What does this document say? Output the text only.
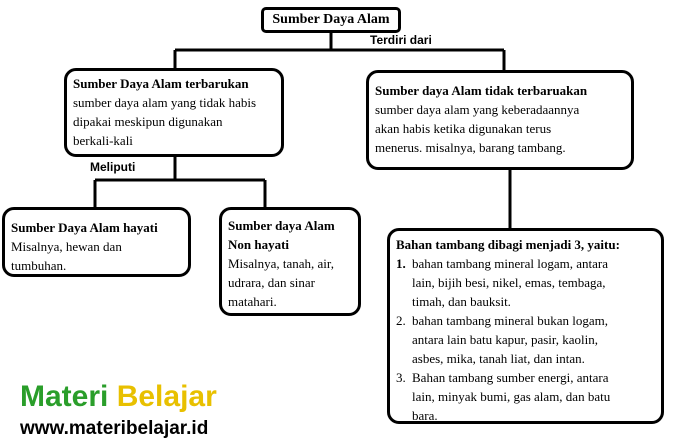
Sumber Daya Alam
Terdiri dari
Meliputi
Sumber Daya Alam terbarukan
sumber daya alam yang tidak habis
dipakai meskipun digunakan
berkali-kali
Sumber daya Alam tidak terbaruakan
sumber daya alam yang keberadaannya
akan habis ketika digunakan terus
menerus. misalnya, barang tambang.
Sumber Daya Alam hayati
Misalnya, hewan dan
tumbuhan.
Sumber daya Alam
Non hayati
Misalnya, tanah, air,
udrara, dan sinar
matahari.
Bahan tambang dibagi menjadi 3, yaitu:
1. bahan tambang mineral logam, antara
lain, bijih besi, nikel, emas, tembaga,
timah, dan bauksit.
2. bahan tambang mineral bukan logam,
antara lain batu kapur, pasir, kaolin,
asbes, mika, tanah liat, dan intan.
3. Bahan tambang sumber energi, antara
lain, minyak bumi, gas alam, dan batu
bara.
Materi Belajar
www.materibelajar.id
